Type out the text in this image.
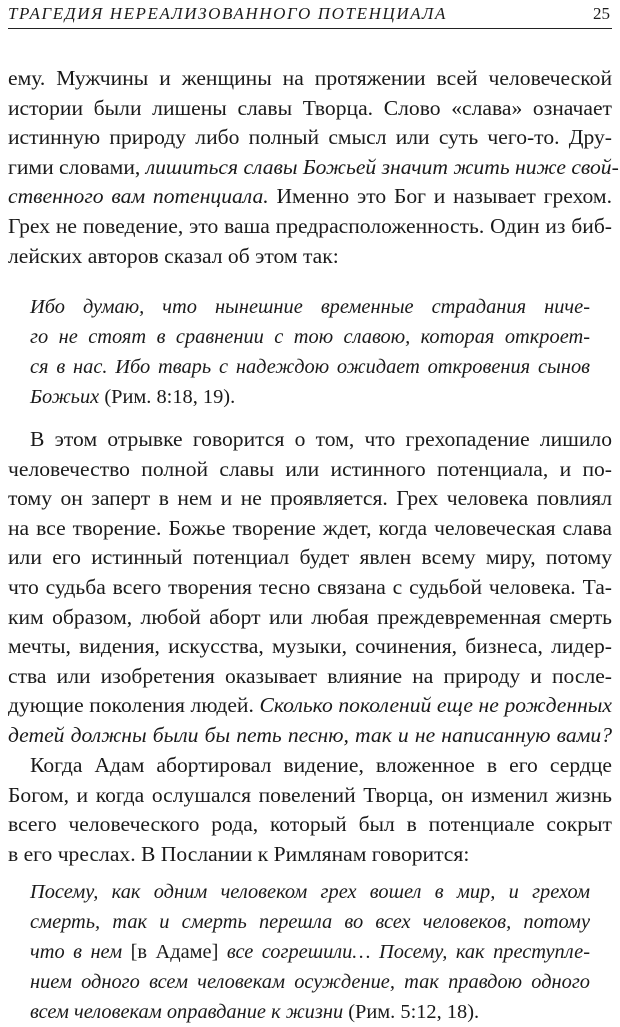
ТРАГЕДИЯ НЕРЕАЛИЗОВАННОГО ПОТЕНЦИАЛА	25
ему. Мужчины и женщины на протяжении всей человеческой
истории были лишены славы Творца. Слово «слава» означает
истинную природу либо полный смысл или суть чего-то. Дру-
гими словами, лишиться славы Божьей значит жить ниже свой-
ственного вам потенциала. Именно это Бог и называет грехом.
Грех не поведение, это ваша предрасположенность. Один из биб-
лейских авторов сказал об этом так:
Ибо думаю, что нынешние временные страдания ниче-
го не стоят в сравнении с тою славою, которая откроет-
ся в нас. Ибо тварь с надеждою ожидает откровения сынов
Божьих (Рим. 8:18, 19).
В этом отрывке говорится о том, что грехопадение лишило
человечество полной славы или истинного потенциала, и по-
тому он заперт в нем и не проявляется. Грех человека повлиял
на все творение. Божье творение ждет, когда человеческая слава
или его истинный потенциал будет явлен всему миру, потому
что судьба всего творения тесно связана с судьбой человека. Та-
ким образом, любой аборт или любая преждевременная смерть
мечты, видения, искусства, музыки, сочинения, бизнеса, лидер-
ства или изобретения оказывает влияние на природу и после-
дующие поколения людей. Сколько поколений еще не рожденных
детей должны были бы петь песню, так и не написанную вами?
Когда Адам абортировал видение, вложенное в его сердце
Богом, и когда ослушался повелений Творца, он изменил жизнь
всего человеческого рода, который был в потенциале сокрыт
в его чреслах. В Послании к Римлянам говорится:
Посему, как одним человеком грех вошел в мир, и грехом
смерть, так и смерть перешла во всех человеков, потому
что в нем [в Адаме] все согрешили… Посему, как преступле-
нием одного всем человекам осуждение, так правдою одного
всем человекам оправдание к жизни (Рим. 5:12, 18).
